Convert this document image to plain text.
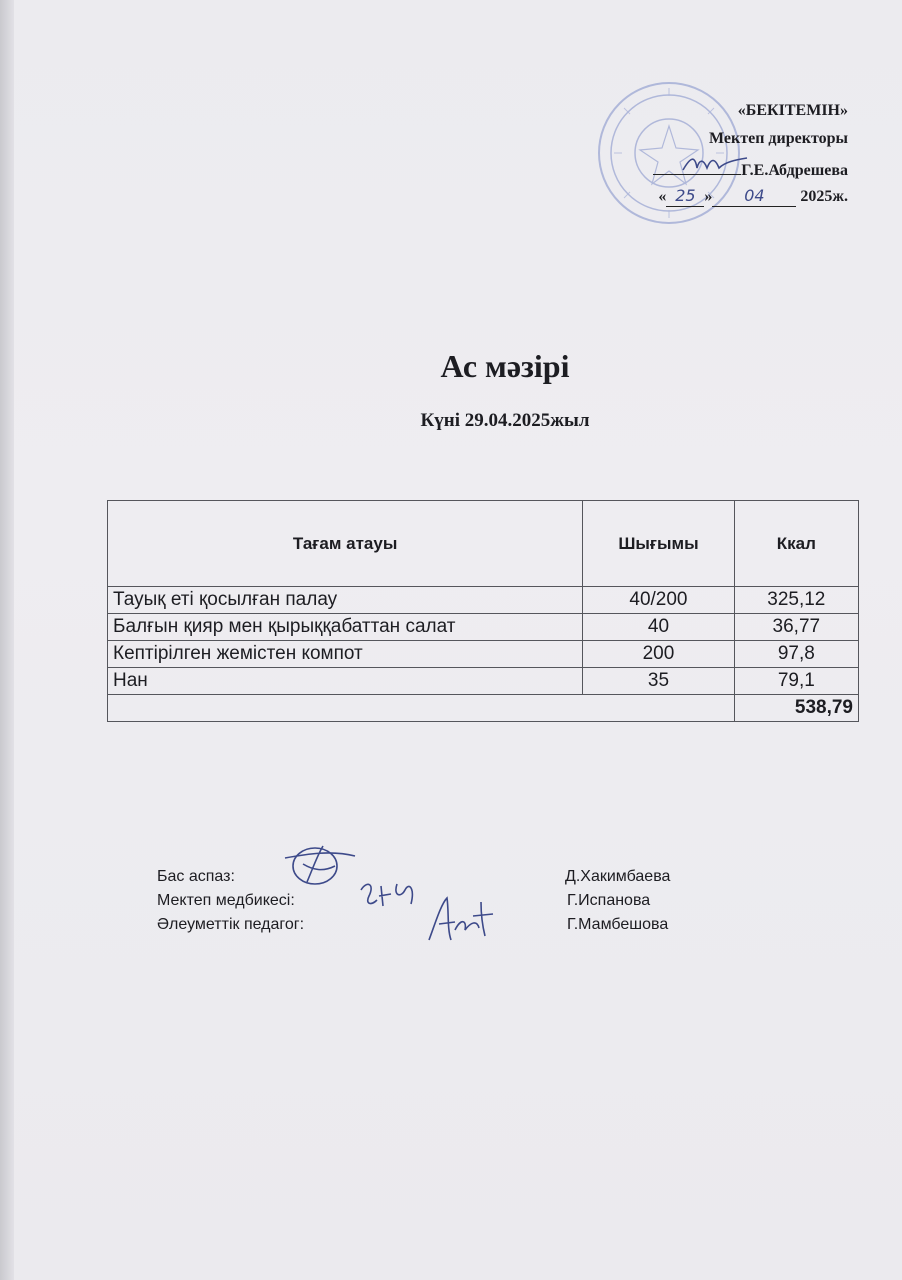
«БЕКІТЕМІН»
Мектеп директоры
Г.Е.Абдрешева
« 25 » 04 2025ж.
Ас мәзірі
Күні 29.04.2025жыл
Тағам атауы	Шығымы	Ккал
Тауық еті қосылған палау	40/200	325,12
Балғын қияр мен қырыққабаттан салат	40	36,77
Кептірілген жемістен компот	200	97,8
Нан	35	79,1
		538,79
Бас аспаз:	Д.Хакимбаева
Мектеп медбикесі:	Г.Испанова
Әлеуметтік педагог:	Г.Мамбешова
